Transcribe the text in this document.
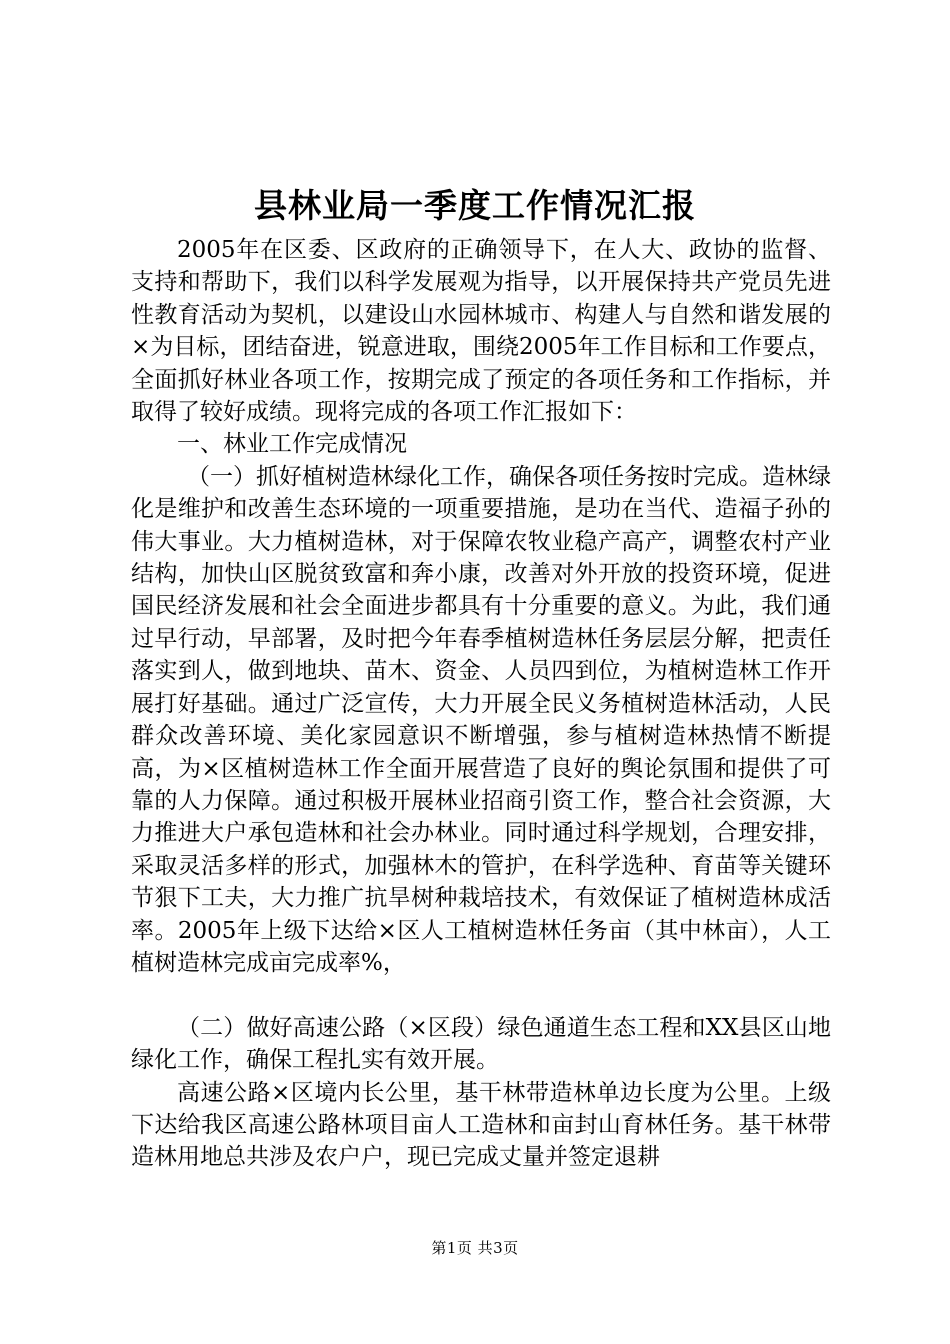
县林业局一季度工作情况汇报

2005年在区委、区政府的正确领导下，在人大、政协的监督、支持和帮助下，我们以科学发展观为指导，以开展保持共产党员先进性教育活动为契机，以建设山水园林城市、构建人与自然和谐发展的×为目标，团结奋进，锐意进取，围绕2005年工作目标和工作要点，全面抓好林业各项工作，按期完成了预定的各项任务和工作指标，并取得了较好成绩。现将完成的各项工作汇报如下：

一、林业工作完成情况

（一）抓好植树造林绿化工作，确保各项任务按时完成。造林绿化是维护和改善生态环境的一项重要措施，是功在当代、造福子孙的伟大事业。大力植树造林，对于保障农牧业稳产高产，调整农村产业结构，加快山区脱贫致富和奔小康，改善对外开放的投资环境，促进国民经济发展和社会全面进步都具有十分重要的意义。为此，我们通过早行动，早部署，及时把今年春季植树造林任务层层分解，把责任落实到人，做到地块、苗木、资金、人员四到位，为植树造林工作开展打好基础。通过广泛宣传，大力开展全民义务植树造林活动，人民群众改善环境、美化家园意识不断增强，参与植树造林热情不断提高，为×区植树造林工作全面开展营造了良好的舆论氛围和提供了可靠的人力保障。通过积极开展林业招商引资工作，整合社会资源，大力推进大户承包造林和社会办林业。同时通过科学规划，合理安排，采取灵活多样的形式，加强林木的管护，在科学选种、育苗等关键环节狠下工夫，大力推广抗旱树种栽培技术，有效保证了植树造林成活率。2005年上级下达给×区人工植树造林任务亩（其中林亩），人工植树造林完成亩完成率%，

（二）做好高速公路（×区段）绿色通道生态工程和XX县区山地绿化工作，确保工程扎实有效开展。

高速公路×区境内长公里，基干林带造林单边长度为公里。上级下达给我区高速公路林项目亩人工造林和亩封山育林任务。基干林带造林用地总共涉及农户户，现已完成丈量并签定退耕

第1页 共3页
